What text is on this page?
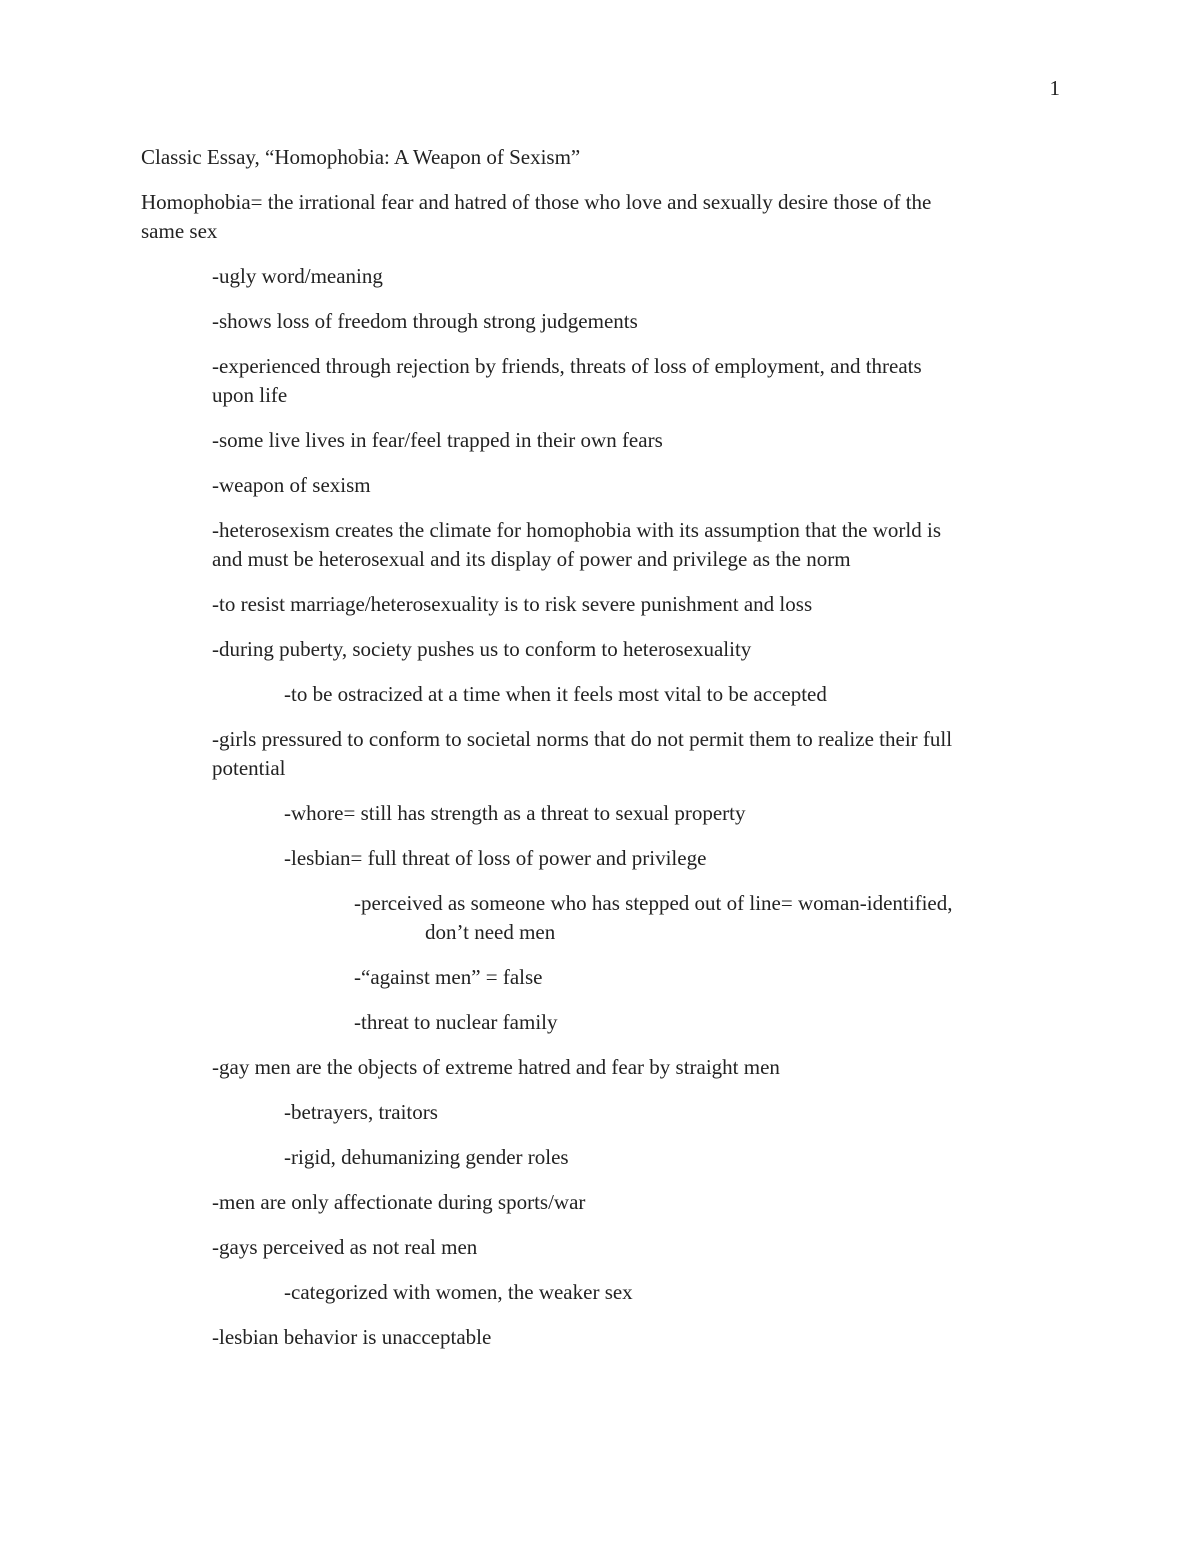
1

Classic Essay, “Homophobia: A Weapon of Sexism”

Homophobia= the irrational fear and hatred of those who love and sexually desire those of the
same sex

-ugly word/meaning

-shows loss of freedom through strong judgements

-experienced through rejection by friends, threats of loss of employment, and threats
upon life

-some live lives in fear/feel trapped in their own fears

-weapon of sexism

-heterosexism creates the climate for homophobia with its assumption that the world is
and must be heterosexual and its display of power and privilege as the norm

-to resist marriage/heterosexuality is to risk severe punishment and loss

-during puberty, society pushes us to conform to heterosexuality

-to be ostracized at a time when it feels most vital to be accepted

-girls pressured to conform to societal norms that do not permit them to realize their full
potential

-whore= still has strength as a threat to sexual property

-lesbian= full threat of loss of power and privilege

-perceived as someone who has stepped out of line= woman-identified,
don’t need men

-“against men” = false

-threat to nuclear family

-gay men are the objects of extreme hatred and fear by straight men

-betrayers, traitors

-rigid, dehumanizing gender roles

-men are only affectionate during sports/war

-gays perceived as not real men

-categorized with women, the weaker sex

-lesbian behavior is unacceptable
